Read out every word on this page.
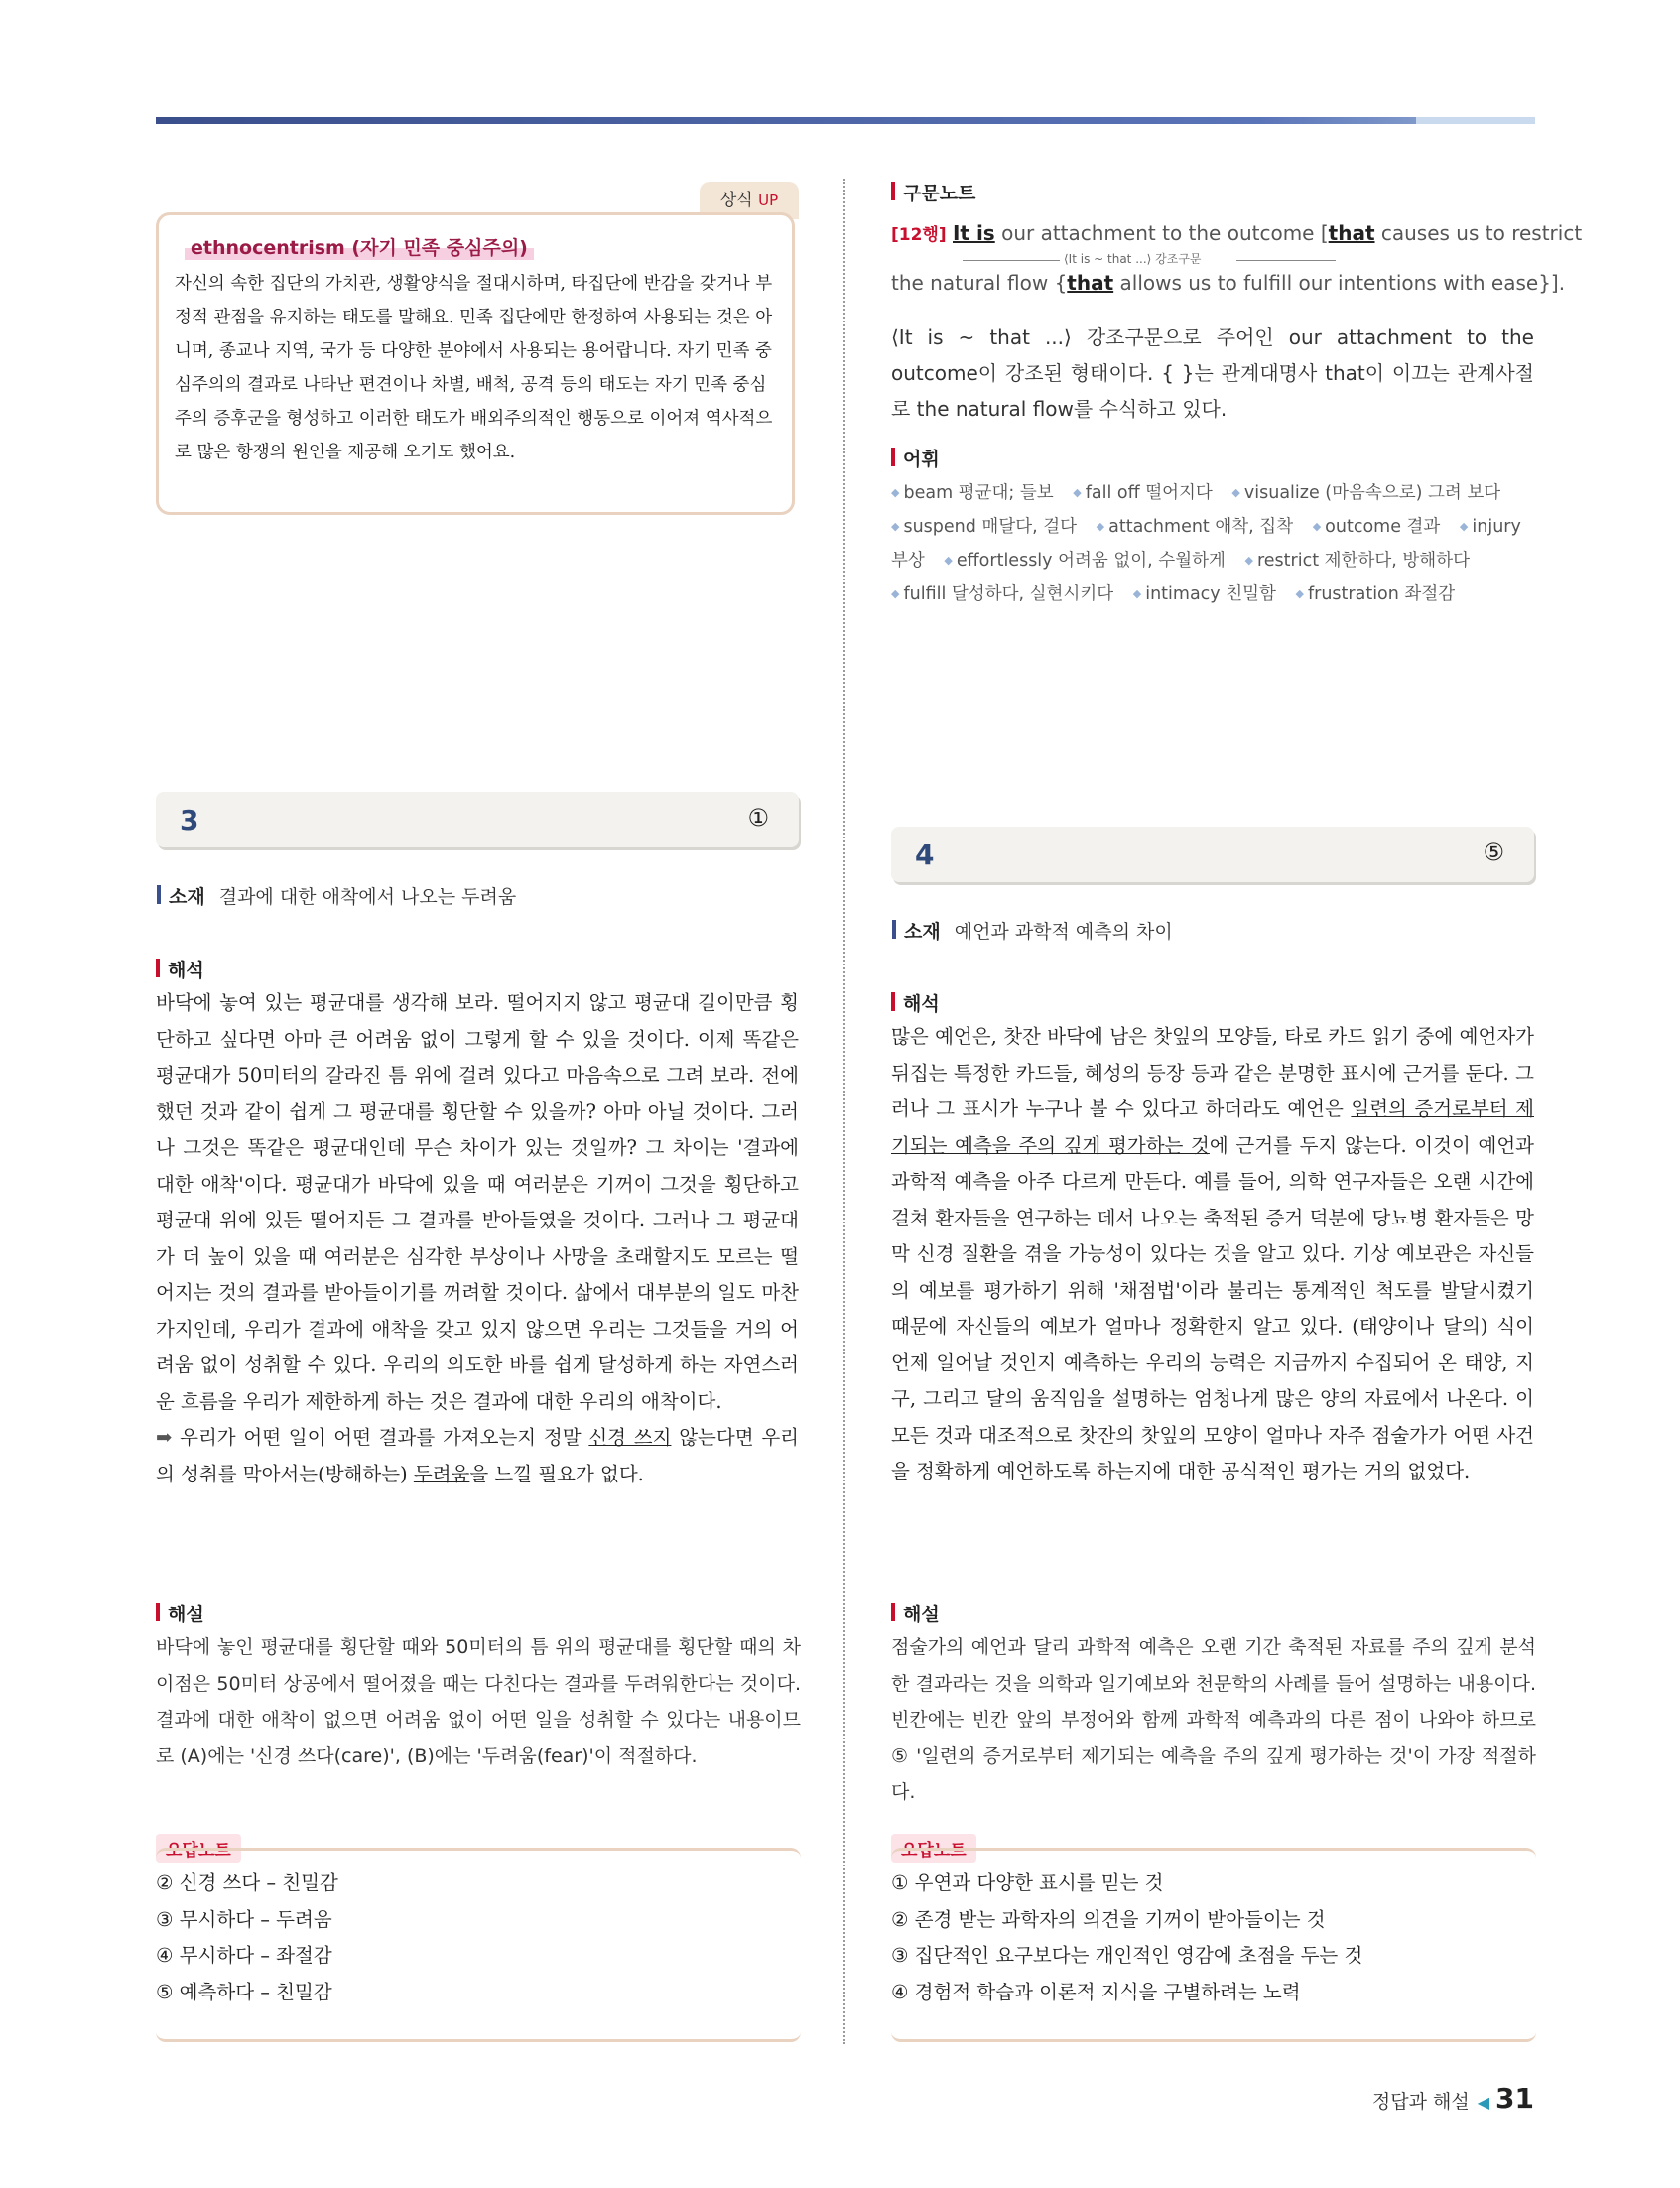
상식 UP
ethnocentrism (자기 민족 중심주의)
자신의 속한 집단의 가치관, 생활양식을 절대시하며, 타집단에 반감을 갖거나 부정적 관점을 유지하는 태도를 말해요. 민족 집단에만 한정하여 사용되는 것은 아니며, 종교나 지역, 국가 등 다양한 분야에서 사용되는 용어랍니다. 자기 민족 중심주의의 결과로 나타난 편견이나 차별, 배척, 공격 등의 태도는 자기 민족 중심주의 증후군을 형성하고 이러한 태도가 배외주의적인 행동으로 이어져 역사적으로 많은 항쟁의 원인을 제공해 오기도 했어요.
구문노트
[12행] It is our attachment to the outcome [that causes us to restrict
⟨It is ~ that ...⟩ 강조구문
the natural flow {that allows us to fulfill our intentions with ease}].
⟨It is ~ that ...⟩ 강조구문으로 주어인 our attachment to the outcome이 강조된 형태이다. { }는 관계대명사 that이 이끄는 관계사절로 the natural flow를 수식하고 있다.
어휘
◆ beam 평균대; 들보 ◆ fall off 떨어지다 ◆ visualize (마음속으로) 그려 보다 ◆ suspend 매달다, 걸다 ◆ attachment 애착, 집착 ◆ outcome 결과 ◆ injury 부상 ◆ effortlessly 어려움 없이, 수월하게 ◆ restrict 제한하다, 방해하다 ◆ fulfill 달성하다, 실현시키다 ◆ intimacy 친밀함 ◆ frustration 좌절감
3	①
소재 결과에 대한 애착에서 나오는 두려움
해석
바닥에 놓여 있는 평균대를 생각해 보라. 떨어지지 않고 평균대 길이만큼 횡단하고 싶다면 아마 큰 어려움 없이 그렇게 할 수 있을 것이다. 이제 똑같은 평균대가 50미터의 갈라진 틈 위에 걸려 있다고 마음속으로 그려 보라. 전에 했던 것과 같이 쉽게 그 평균대를 횡단할 수 있을까? 아마 아닐 것이다. 그러나 그것은 똑같은 평균대인데 무슨 차이가 있는 것일까? 그 차이는 '결과에 대한 애착'이다. 평균대가 바닥에 있을 때 여러분은 기꺼이 그것을 횡단하고 평균대 위에 있든 떨어지든 그 결과를 받아들였을 것이다. 그러나 그 평균대가 더 높이 있을 때 여러분은 심각한 부상이나 사망을 초래할지도 모르는 떨어지는 것의 결과를 받아들이기를 꺼려할 것이다. 삶에서 대부분의 일도 마찬가지인데, 우리가 결과에 애착을 갖고 있지 않으면 우리는 그것들을 거의 어려움 없이 성취할 수 있다. 우리의 의도한 바를 쉽게 달성하게 하는 자연스러운 흐름을 우리가 제한하게 하는 것은 결과에 대한 우리의 애착이다.
➡ 우리가 어떤 일이 어떤 결과를 가져오는지 정말 신경 쓰지 않는다면 우리의 성취를 막아서는(방해하는) 두려움을 느낄 필요가 없다.
해설
바닥에 놓인 평균대를 횡단할 때와 50미터의 틈 위의 평균대를 횡단할 때의 차이점은 50미터 상공에서 떨어졌을 때는 다친다는 결과를 두려워한다는 것이다. 결과에 대한 애착이 없으면 어려움 없이 어떤 일을 성취할 수 있다는 내용이므로 (A)에는 '신경 쓰다(care)', (B)에는 '두려움(fear)'이 적절하다.
오답노트
② 신경 쓰다 – 친밀감
③ 무시하다 – 두려움
④ 무시하다 – 좌절감
⑤ 예측하다 – 친밀감
4	⑤
소재 예언과 과학적 예측의 차이
해석
많은 예언은, 찻잔 바닥에 남은 찻잎의 모양들, 타로 카드 읽기 중에 예언자가 뒤집는 특정한 카드들, 혜성의 등장 등과 같은 분명한 표시에 근거를 둔다. 그러나 그 표시가 누구나 볼 수 있다고 하더라도 예언은 일련의 증거로부터 제기되는 예측을 주의 깊게 평가하는 것에 근거를 두지 않는다. 이것이 예언과 과학적 예측을 아주 다르게 만든다. 예를 들어, 의학 연구자들은 오랜 시간에 걸쳐 환자들을 연구하는 데서 나오는 축적된 증거 덕분에 당뇨병 환자들은 망막 신경 질환을 겪을 가능성이 있다는 것을 알고 있다. 기상 예보관은 자신들의 예보를 평가하기 위해 '채점법'이라 불리는 통계적인 척도를 발달시켰기 때문에 자신들의 예보가 얼마나 정확한지 알고 있다. (태양이나 달의) 식이 언제 일어날 것인지 예측하는 우리의 능력은 지금까지 수집되어 온 태양, 지구, 그리고 달의 움직임을 설명하는 엄청나게 많은 양의 자료에서 나온다. 이 모든 것과 대조적으로 찻잔의 찻잎의 모양이 얼마나 자주 점술가가 어떤 사건을 정확하게 예언하도록 하는지에 대한 공식적인 평가는 거의 없었다.
해설
점술가의 예언과 달리 과학적 예측은 오랜 기간 축적된 자료를 주의 깊게 분석한 결과라는 것을 의학과 일기예보와 천문학의 사례를 들어 설명하는 내용이다. 빈칸에는 빈칸 앞의 부정어와 함께 과학적 예측과의 다른 점이 나와야 하므로 ⑤ '일련의 증거로부터 제기되는 예측을 주의 깊게 평가하는 것'이 가장 적절하다.
오답노트
① 우연과 다양한 표시를 믿는 것
② 존경 받는 과학자의 의견을 기꺼이 받아들이는 것
③ 집단적인 요구보다는 개인적인 영감에 초점을 두는 것
④ 경험적 학습과 이론적 지식을 구별하려는 노력
정답과 해설 ◀ 31
